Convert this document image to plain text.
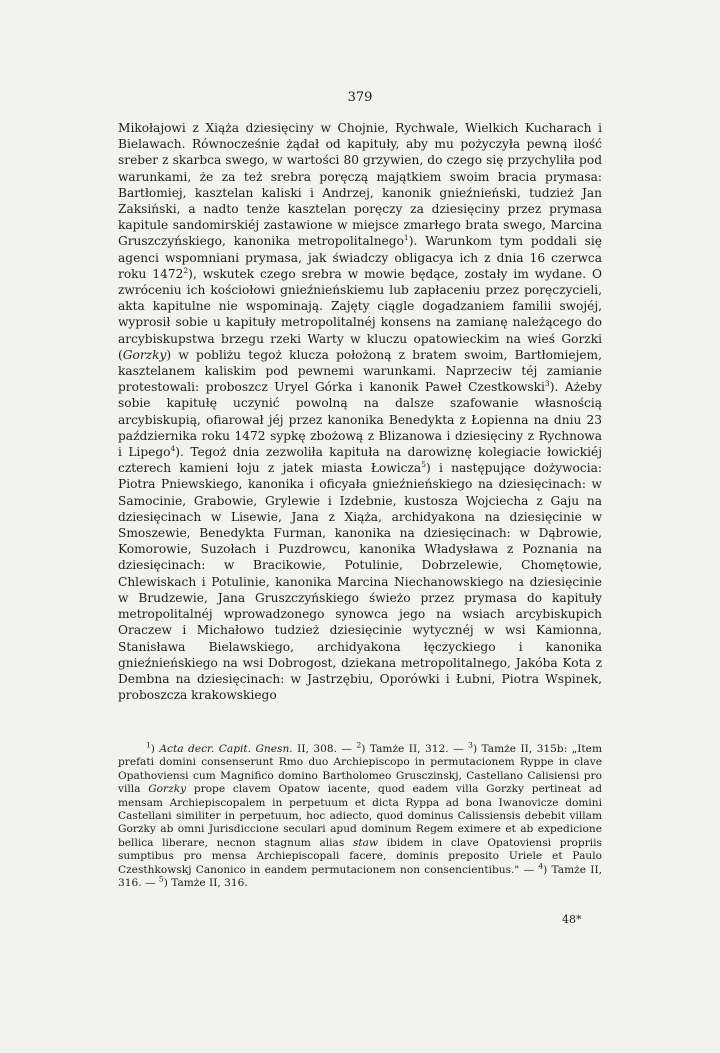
379

Mikołajowi z Xiąża dziesięciny w Chojnie, Rychwale, Wielkich Kucharach i Bielawach. Równocześnie żądał od kapituły, aby mu pożyczyła pewną ilość sreber z skarbca swego, w wartości 80 grzywien, do czego się przychyliła pod warunkami, że za też srebra poręczą majątkiem swoim bracia prymasa: Bartłomiej, kasztelan kaliski i Andrzej, kanonik gnieźnieński, tudzież Jan Zaksiński, a nadto tenże kasztelan poręczy za dziesięciny przez prymasa kapitule sandomirskiéj zastawione w miejsce zmarłego brata swego, Marcina Gruszczyńskiego, kanonika metropolitalnego$^1$). Warunkom tym poddali się agenci wspomniani prymasa, jak świadczy obligacya ich z dnia 16 czerwca roku 1472$^2$), wskutek czego srebra w mowie będące, zostały im wydane. O zwróceniu ich kościołowi gnieźnieńskiemu lub zapłaceniu przez poręczycieli, akta kapitulne nie wspominają. Zajęty ciągle dogadzaniem familii swojéj, wyprosił sobie u kapituły metropolitalnéj konsens na zamianę należącego do arcybiskupstwa brzegu rzeki Warty w kluczu opatowieckim na wieś Gorzki (Gorzky) w pobliżu tegoż klucza położoną z bratem swoim, Bartłomiejem, kasztelanem kaliskim pod pewnemi warunkami. Naprzeciw téj zamianie protestowali: proboszcz Uryel Górka i kanonik Paweł Czestkowski$^3$). Ażeby sobie kapitułę uczynić powolną na dalsze szafowanie własnością arcybiskupią, ofiarował jéj przez kanonika Benedykta z Łopienna na dniu 23 października roku 1472 sypkę zbożową z Blizanowa i dziesięciny z Rychnowa i Lipego$^4$). Tegoż dnia zezwoliła kapituła na darowiznę kolegiacie łowickiéj czterech kamieni łoju z jatek miasta Łowicza$^5$) i następujące dożywocia: Piotra Pniewskiego, kanonika i oficyała gnieźnieńskiego na dziesięcinach: w Samocinie, Grabowie, Grylewie i Izdebnie, kustosza Wojciecha z Gaju na dziesięcinach w Lisewie, Jana z Xiąża, archidyakona na dziesięcinie w Smoszewie, Benedykta Furman, kanonika na dziesięcinach: w Dąbrowie, Komorowie, Suzołach i Puzdrowcu, kanonika Władysława z Poznania na dziesięcinach: w Bracikowie, Potulinie, Dobrzelewie, Chomętowie, Chlewiskach i Potulinie, kanonika Marcina Niechanowskiego na dziesięcinie w Brudzewie, Jana Gruszczyńskiego świeżo przez prymasa do kapituły metropolitalnéj wprowadzonego synowca jego na wsiach arcybiskupich Oraczew i Michałowo tudzież dziesięcinie wytycznéj w wsi Kamionna, Stanisława Bielawskiego, archidyakona łęczyckiego i kanonika gnieźnieńskiego na wsi Dobrogost, dziekana metropolitalnego, Jakóba Kota z Dembna na dziesięcinach: w Jastrzębiu, Oporówki i Łubni, Piotra Wspinek, proboszcza krakowskiego

$^1$) Acta decr. Capit. Gnesn. II, 308. — $^2$) Tamże II, 312. — $^3$) Tamże II, 315b: „Item prefati domini consenserunt Rmo duo Archiepiscopo in permutacionem Ryppe in clave Opathoviensi cum Magnifico domino Bartholomeo Grusczinskj, Castellano Calisiensi pro villa Gorzky prope clavem Opatow iacente, quod eadem villa Gorzky pertineat ad mensam Archiepiscopalem in perpetuum et dicta Ryppa ad bona Iwanovicze domini Castellani similiter in perpetuum, hoc adiecto, quod dominus Calissiensis debebit villam Gorzky ab omni Jurisdiccione seculari apud dominum Regem eximere et ab expedicione bellica liberare, necnon stagnum alias staw ibidem in clave Opatoviensi propriis sumptibus pro mensa Archiepiscopali facere, dominis preposito Uriele et Paulo Czesthkowskj Canonico in eandem permutacionem non consencientibus." — $^4$) Tamże II, 316. — $^5$) Tamże II, 316.

48*
